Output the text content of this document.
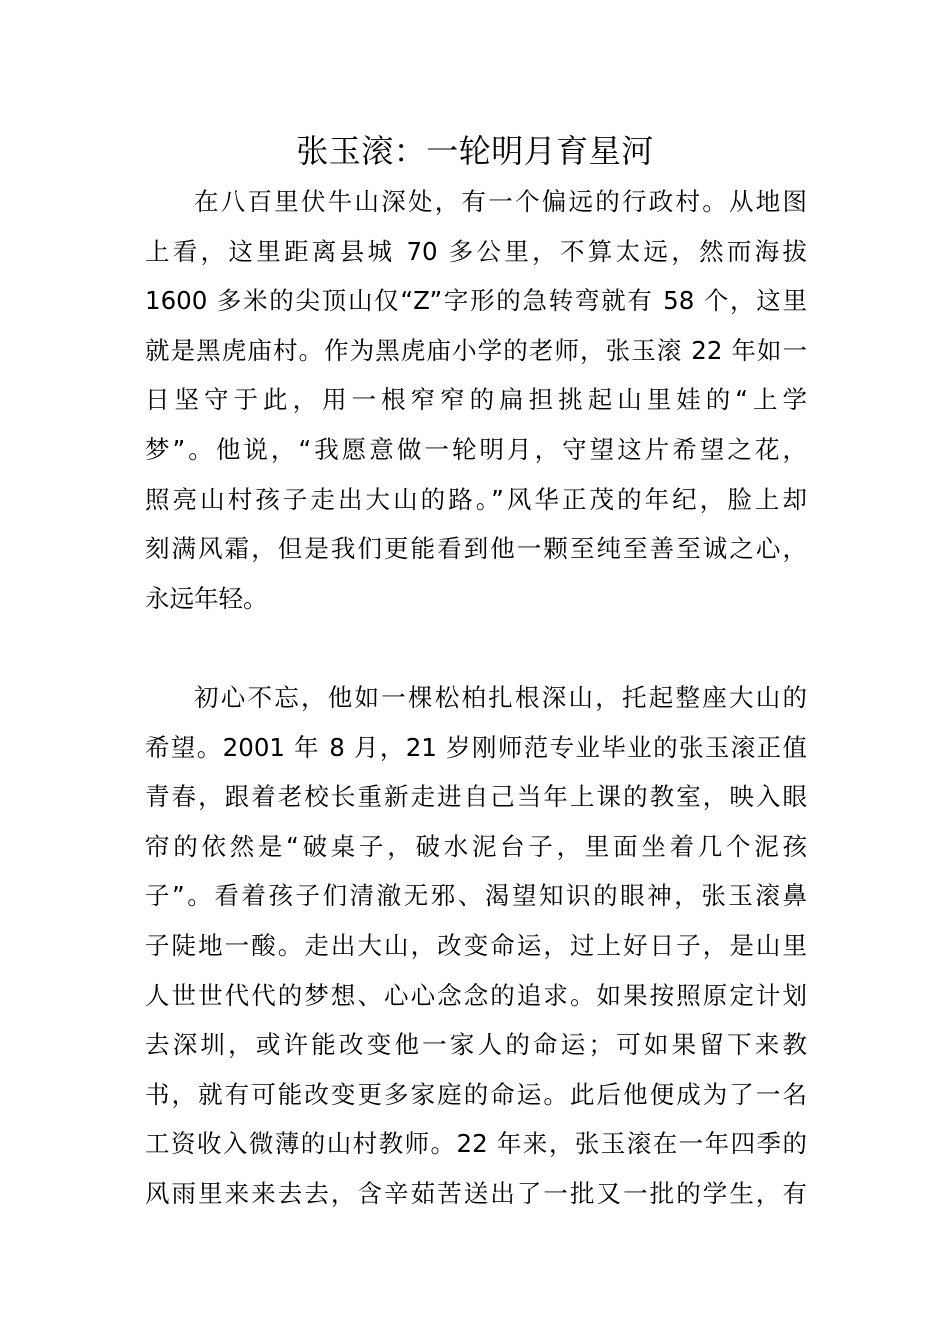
张玉滚：一轮明月育星河
在八百里伏牛山深处，有一个偏远的行政村。从地图
上看，这里距离县城 70 多公里，不算太远，然而海拔
1600 多米的尖顶山仅“Z”字形的急转弯就有 58 个，这里
就是黑虎庙村。作为黑虎庙小学的老师，张玉滚 22 年如一
日坚守于此，用一根窄窄的扁担挑起山里娃的“上学
梦”。他说，“我愿意做一轮明月，守望这片希望之花，
照亮山村孩子走出大山的路。”风华正茂的年纪，脸上却
刻满风霜，但是我们更能看到他一颗至纯至善至诚之心，
永远年轻。
初心不忘，他如一棵松柏扎根深山，托起整座大山的
希望。2001 年 8 月，21 岁刚师范专业毕业的张玉滚正值
青春，跟着老校长重新走进自己当年上课的教室，映入眼
帘的依然是“破桌子，破水泥台子，里面坐着几个泥孩
子”。看着孩子们清澈无邪、渴望知识的眼神，张玉滚鼻
子陡地一酸。走出大山，改变命运，过上好日子，是山里
人世世代代的梦想、心心念念的追求。如果按照原定计划
去深圳，或许能改变他一家人的命运；可如果留下来教
书，就有可能改变更多家庭的命运。此后他便成为了一名
工资收入微薄的山村教师。22 年来，张玉滚在一年四季的
风雨里来来去去，含辛茹苦送出了一批又一批的学生，有
